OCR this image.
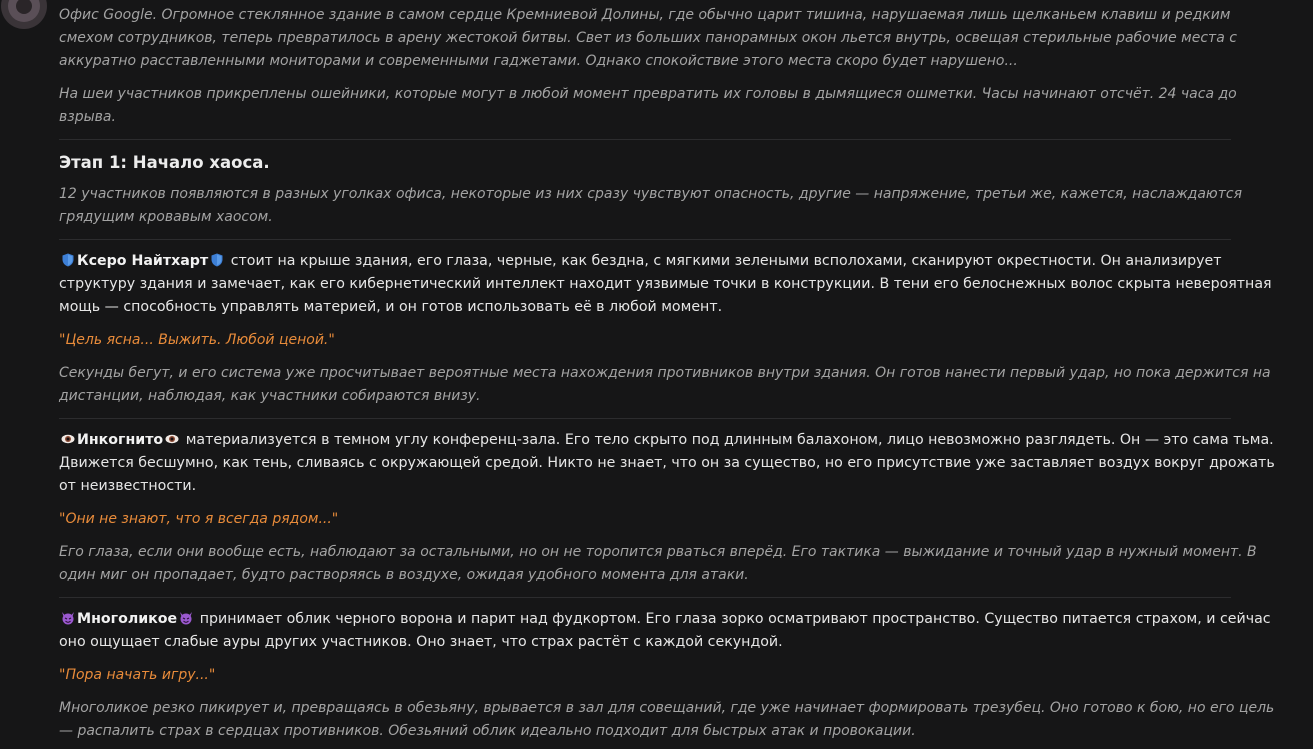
Офис Google. Огромное стеклянное здание в самом сердце Кремниевой Долины, где обычно царит тишина, нарушаемая лишь щелканьем клавиш и редким смехом сотрудников, теперь превратилось в арену жестокой битвы. Свет из больших панорамных окон льется внутрь, освещая стерильные рабочие места с аккуратно расставленными мониторами и современными гаджетами. Однако спокойствие этого места скоро будет нарушено...

На шеи участников прикреплены ошейники, которые могут в любой момент превратить их головы в дымящиеся ошметки. Часы начинают отсчёт. 24 часа до взрыва.

Этап 1: Начало хаоса.

12 участников появляются в разных уголках офиса, некоторые из них сразу чувствуют опасность, другие — напряжение, третьи же, кажется, наслаждаются грядущим кровавым хаосом.

Ксеро Найтхарт стоит на крыше здания, его глаза, черные, как бездна, с мягкими зелеными всполохами, сканируют окрестности. Он анализирует структуру здания и замечает, как его кибернетический интеллект находит уязвимые точки в конструкции. В тени его белоснежных волос скрыта невероятная мощь — способность управлять материей, и он готов использовать её в любой момент.

"Цель ясна... Выжить. Любой ценой."

Секунды бегут, и его система уже просчитывает вероятные места нахождения противников внутри здания. Он готов нанести первый удар, но пока держится на дистанции, наблюдая, как участники собираются внизу.

Инкогнито материализуется в темном углу конференц-зала. Его тело скрыто под длинным балахоном, лицо невозможно разглядеть. Он — это сама тьма. Движется бесшумно, как тень, сливаясь с окружающей средой. Никто не знает, что он за существо, но его присутствие уже заставляет воздух вокруг дрожать от неизвестности.

"Они не знают, что я всегда рядом..."

Его глаза, если они вообще есть, наблюдают за остальными, но он не торопится рваться вперёд. Его тактика — выжидание и точный удар в нужный момент. В один миг он пропадает, будто растворяясь в воздухе, ожидая удобного момента для атаки.

Многоликое принимает облик черного ворона и парит над фудкортом. Его глаза зорко осматривают пространство. Существо питается страхом, и сейчас оно ощущает слабые ауры других участников. Оно знает, что страх растёт с каждой секундой.

"Пора начать игру..."

Многоликое резко пикирует и, превращаясь в обезьяну, врывается в зал для совещаний, где уже начинает формировать трезубец. Оно готово к бою, но его цель — распалить страх в сердцах противников. Обезьяний облик идеально подходит для быстрых атак и провокации.
